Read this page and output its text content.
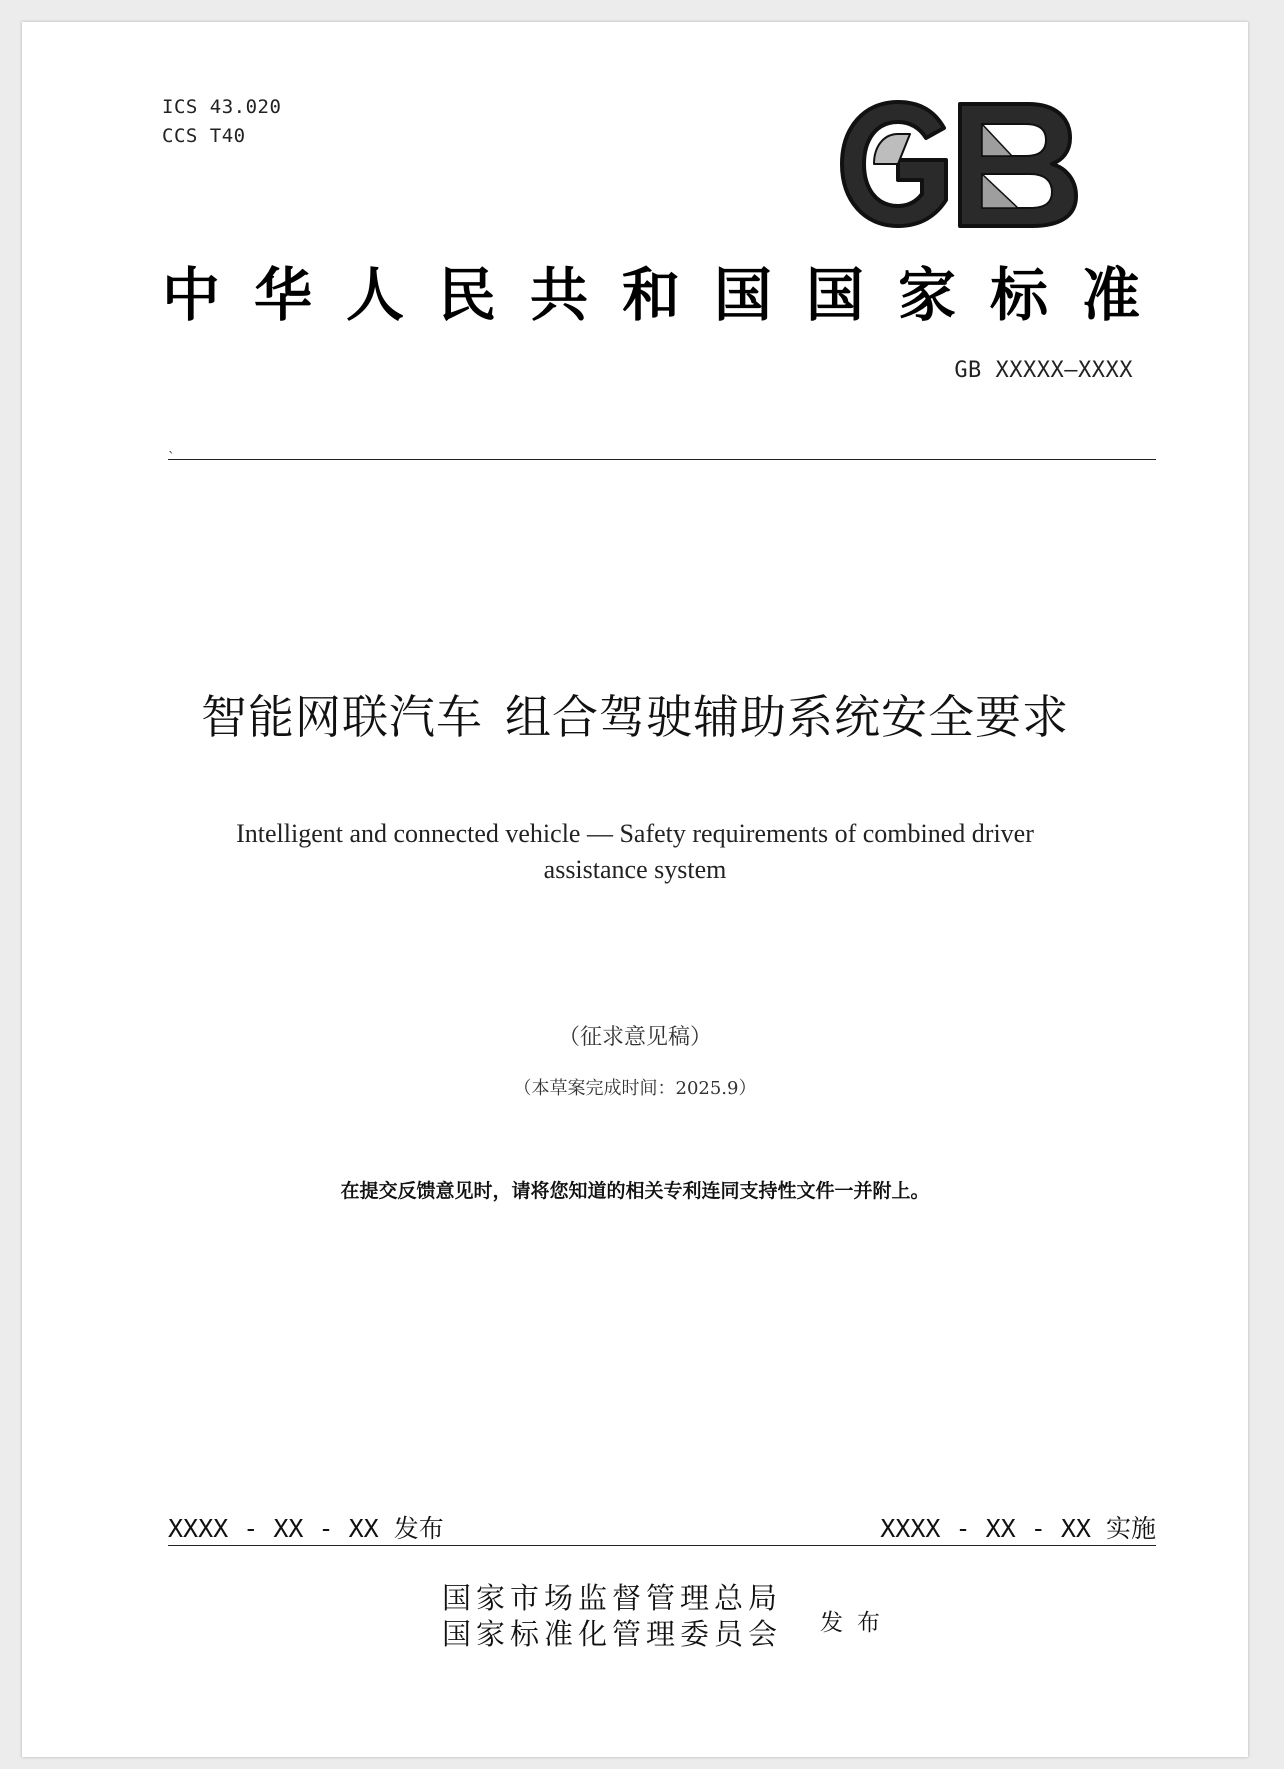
ICS 43.020
CCS T40
中华人民共和国国家标准
GB XXXXX—XXXX
`
智能网联汽车 组合驾驶辅助系统安全要求
Intelligent and connected vehicle — Safety requirements of combined driver
assistance system
（征求意见稿）
（本草案完成时间：2025.9）
在提交反馈意见时，请将您知道的相关专利连同支持性文件一并附上。
XXXX - XX - XX 发布	XXXX - XX - XX 实施
国家市场监督管理总局
国家标准化管理委员会 发布
